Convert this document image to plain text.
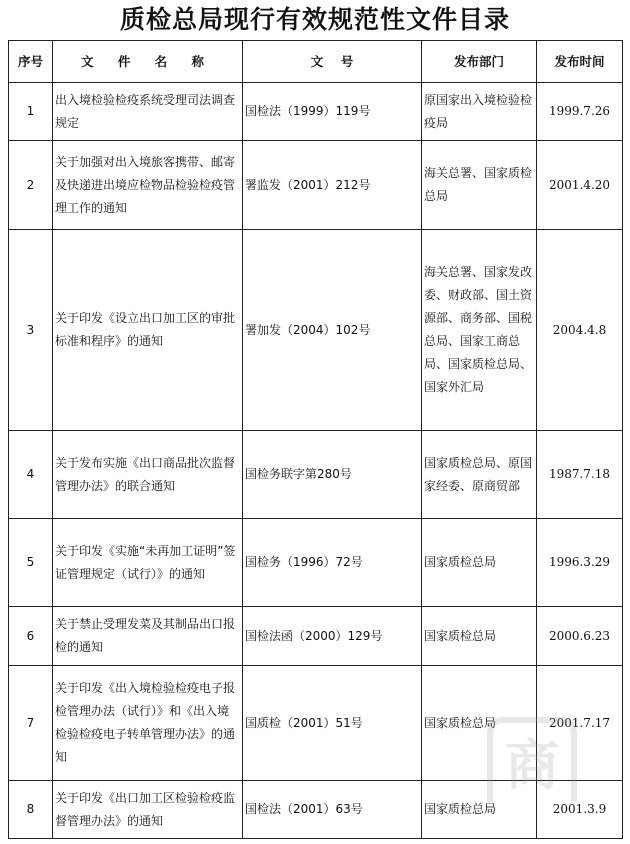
质检总局现行有效规范性文件目录
序号	文 件 名 称	文    号	发布部门	发布时间
1	出入境检验检疫系统受理司法调查规定	国检法（1999）119号	原国家出入境检验检疫局	1999.7.26
2	关于加强对出入境旅客携带、邮寄及快递进出境应检物品检验检疫管理工作的通知	署监发（2001）212号	海关总署、国家质检总局	2001.4.20
3	关于印发《设立出口加工区的审批标准和程序》的通知	署加发（2004）102号	海关总署、国家发改委、财政部、国土资源部、商务部、国税总局、国家工商总局、国家质检总局、国家外汇局	2004.4.8
4	关于发布实施《出口商品批次监督管理办法》的联合通知	国检务联字第280号	国家质检总局、原国家经委、原商贸部	1987.7.18
5	关于印发《实施“未再加工证明”签证管理规定（试行）》的通知	国检务（1996）72号	国家质检总局	1996.3.29
6	关于禁止受理发菜及其制品出口报检的通知	国检法函（2000）129号	国家质检总局	2000.6.23
7	关于印发《出入境检验检疫电子报检管理办法（试行）》和《出入境检验检疫电子转单管理办法》的通知	国质检（2001）51号	国家质检总局	2001.7.17
8	关于印发《出口加工区检验检疫监督管理办法》的通知	国检法（2001）63号	国家质检总局	2001.3.9
商
